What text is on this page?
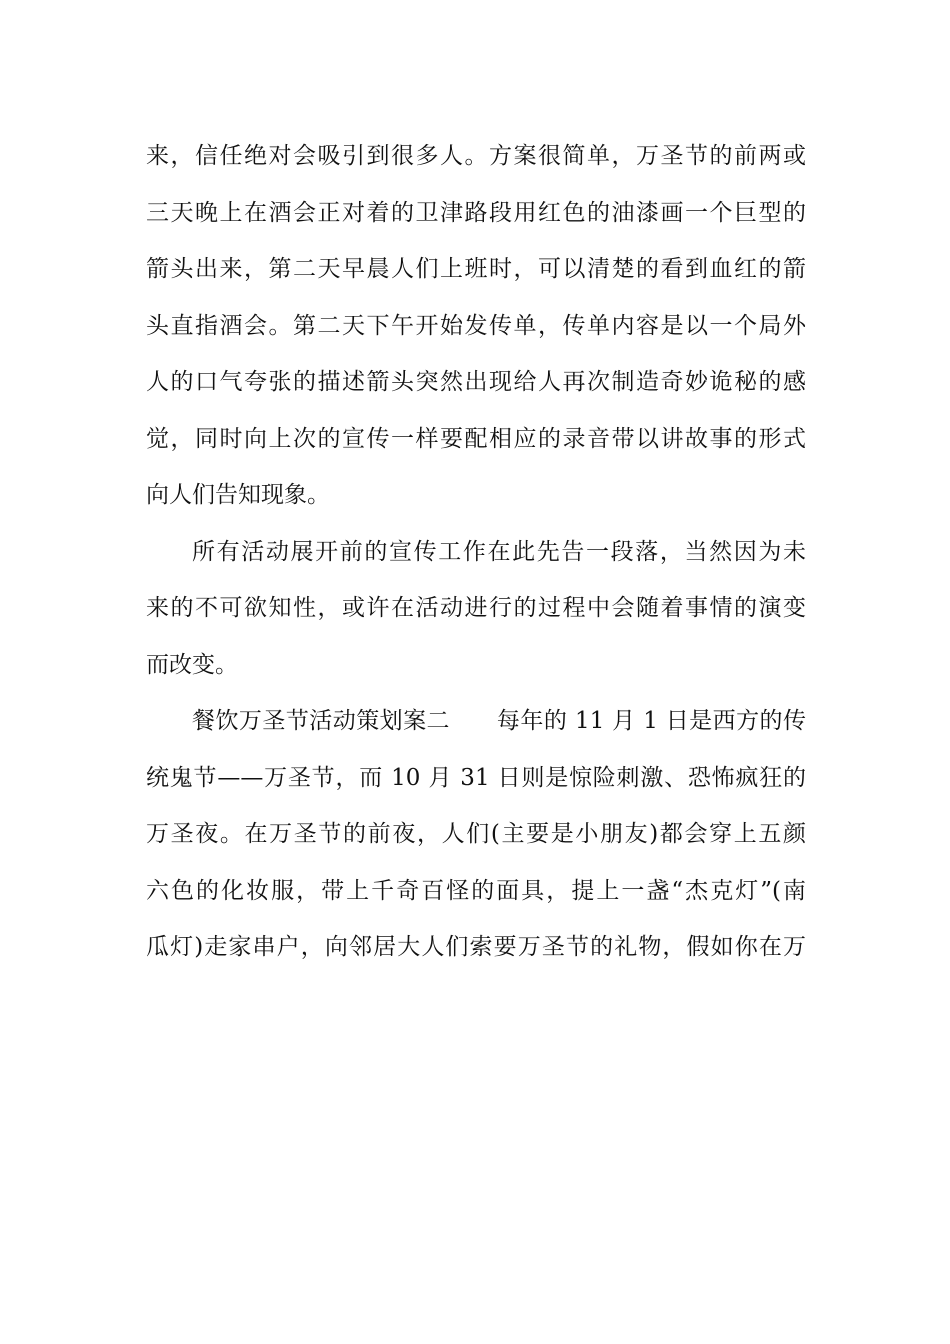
来，信任绝对会吸引到很多人。方案很简单，万圣节的前两或
三天晚上在酒会正对着的卫津路段用红色的油漆画一个巨型的
箭头出来，第二天早晨人们上班时，可以清楚的看到血红的箭
头直指酒会。第二天下午开始发传单，传单内容是以一个局外
人的口气夸张的描述箭头突然出现给人再次制造奇妙诡秘的感
觉，同时向上次的宣传一样要配相应的录音带以讲故事的形式
向人们告知现象。
所有活动展开前的宣传工作在此先告一段落，当然因为未
来的不可欲知性，或许在活动进行的过程中会随着事情的演变
而改变。
餐饮万圣节活动策划案二　　每年的 11 月 1 日是西方的传
统鬼节——万圣节，而 10 月 31 日则是惊险刺激、恐怖疯狂的
万圣夜。在万圣节的前夜，人们(主要是小朋友)都会穿上五颜
六色的化妆服，带上千奇百怪的面具，提上一盏“杰克灯”(南
瓜灯)走家串户，向邻居大人们索要万圣节的礼物，假如你在万
